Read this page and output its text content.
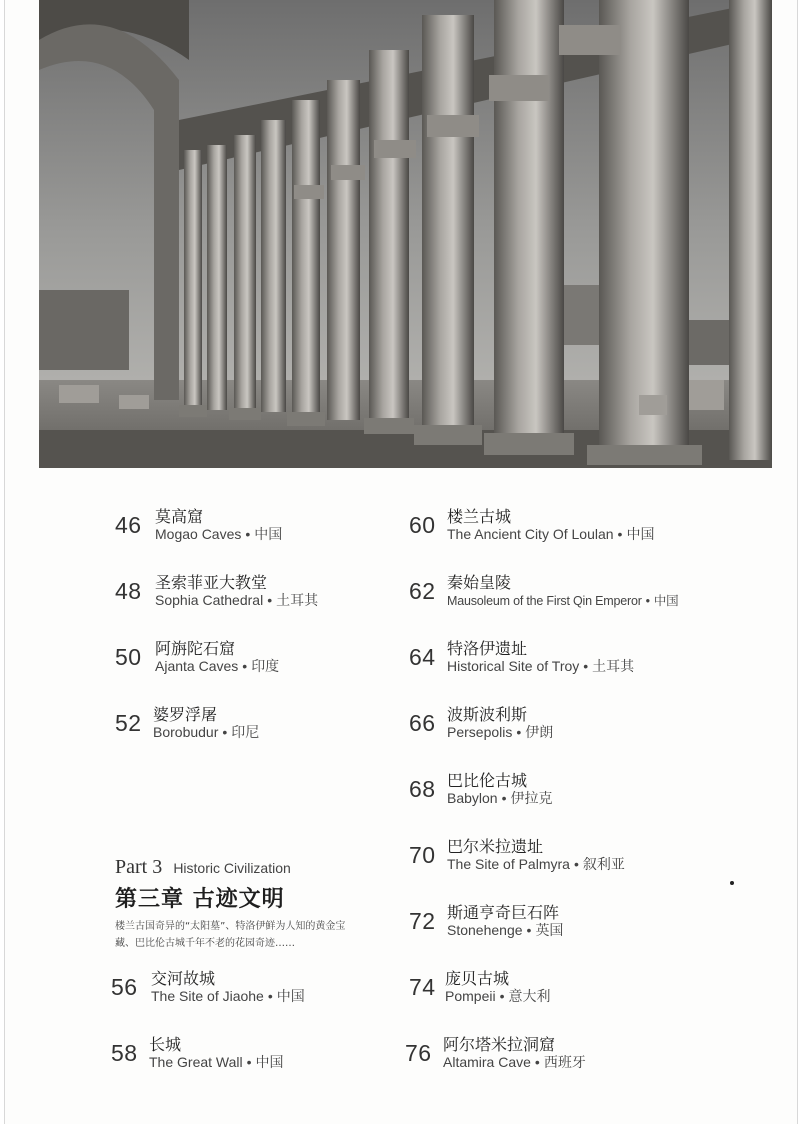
46 莫高窟
Mogao Caves • 中国
48 圣索菲亚大教堂
Sophia Cathedral • 土耳其
50 阿旃陀石窟
Ajanta Caves • 印度
52 婆罗浮屠
Borobudur • 印尼
Part 3 Historic Civilization
第三章 古迹文明
楼兰古国奇异的“太阳墓”、特洛伊鲜为人知的黄金宝
藏、巴比伦古城千年不老的花园奇迹……
56 交河故城
The Site of Jiaohe • 中国
58 长城
The Great Wall • 中国
60 楼兰古城
The Ancient City Of Loulan • 中国
62 秦始皇陵
Mausoleum of the First Qin Emperor • 中国
64 特洛伊遗址
Historical Site of Troy • 土耳其
66 波斯波利斯
Persepolis • 伊朗
68 巴比伦古城
Babylon • 伊拉克
70 巴尔米拉遗址
The Site of Palmyra • 叙利亚
72 斯通亨奇巨石阵
Stonehenge • 英国
74 庞贝古城
Pompeii • 意大利
76 阿尔塔米拉洞窟
Altamira Cave • 西班牙
